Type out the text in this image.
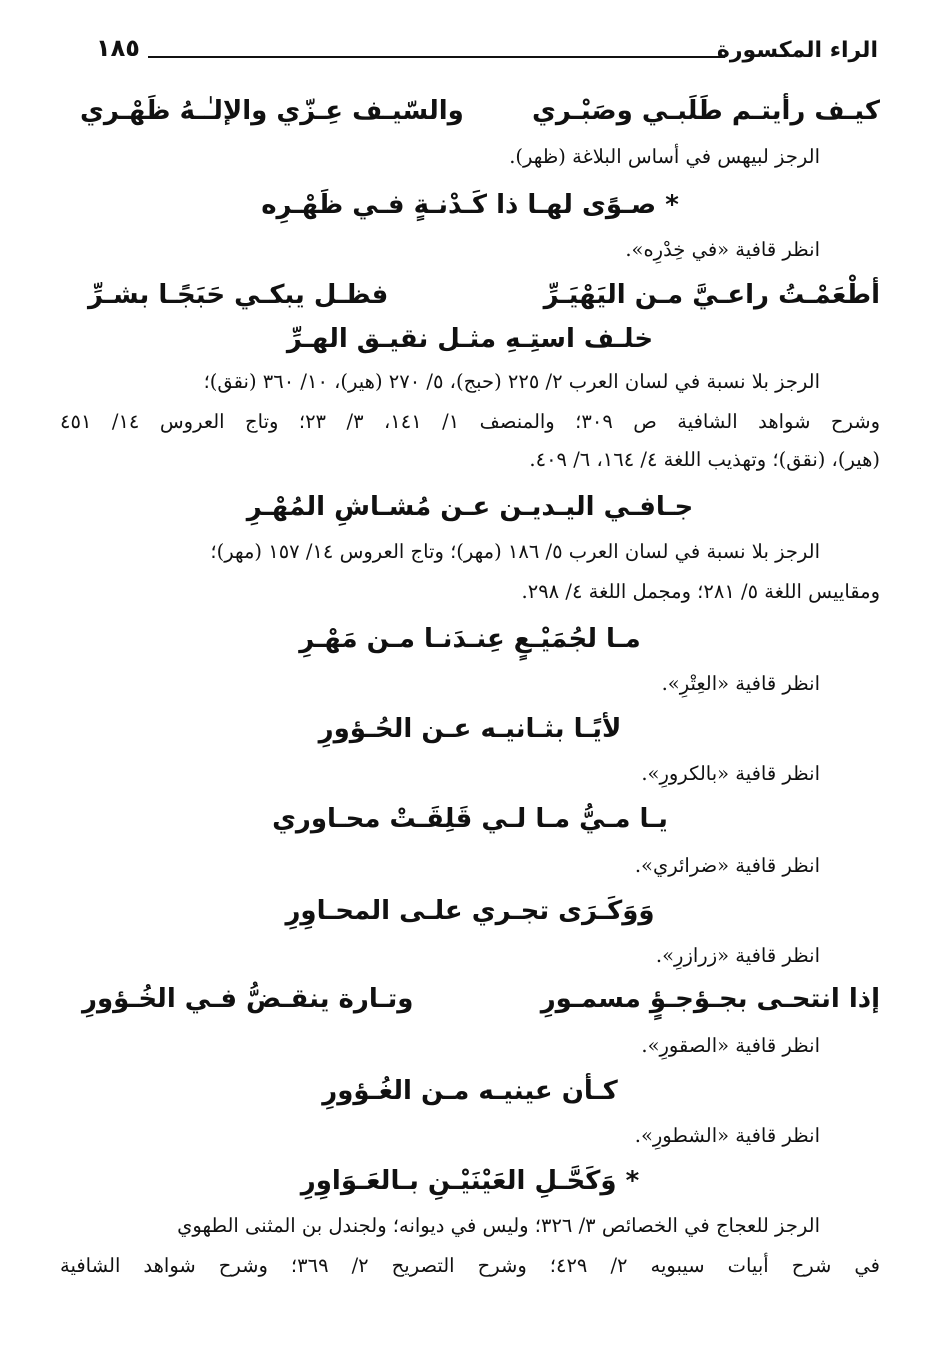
الراء المكسورة
١٨٥
كيـف رأيتـم طَلَبـي وصَبْـري
والسّيـف عِـزّي والإلـٰـهُ ظَهْـري
الرجز لبيهس في أساس البلاغة (ظهر).
* صـوًى لهـا ذا كَـدْنـةٍ فـي ظَهْـرِه
انظر قافية «في خِدْرِه».
أطْعَمْـتُ راعـيَّ مـن اليَهْيَـرِّ
فظـل يبكـي حَبَجًـا بشـرِّ
خلـف استِـهِ مثـل نقيـق الهـرِّ
الرجز بلا نسبة في لسان العرب ٢/ ٢٢٥ (حبج)، ٥/ ٢٧٠ (هير)، ١٠/ ٣٦٠ (نقق)؛
وشرح شواهد الشافية ص ٣٠٩؛ والمنصف ١/ ١٤١، ٣/ ٢٣؛ وتاج العروس ١٤/ ٤٥١
(هير)، (نقق)؛ وتهذيب اللغة ٤/ ١٦٤، ٦/ ٤٠٩.
جـافـي اليـديـن عـن مُشـاشِ المُهْـرِ
الرجز بلا نسبة في لسان العرب ٥/ ١٨٦ (مهر)؛ وتاج العروس ١٤/ ١٥٧ (مهر)؛
ومقاييس اللغة ٥/ ٢٨١؛ ومجمل اللغة ٤/ ٢٩٨.
مـا لجُمَيْـعٍ عِنـدَنـا مـن مَهْـرِ
انظر قافية «العِتْرِ».
لأيًـا بثـانيـه عـن الحُـؤورِ
انظر قافية «بالكرورِ».
يـا مـيُّ مـا لـي قَلِقَـتْ محـاوري
انظر قافية «ضرائري».
وَوَكَـرَى تجـري علـى المحـاوِرِ
انظر قافية «زرازرِ».
إذا انتحـى بجـؤجـؤٍ مسمـورِ
وتـارة ينقـضُّ فـي الخُـؤورِ
انظر قافية «الصقورِ».
كـأن عينيـه مـن الغُـؤورِ
انظر قافية «الشطورِ».
* وَكَحَّـلِ العَيْنَيْـنِ بـالعَـوَاوِرِ
الرجز للعجاج في الخصائص ٣/ ٣٢٦؛ وليس في ديوانه؛ ولجندل بن المثنى الطهوي
في شرح أبيات سيبويه ٢/ ٤٢٩؛ وشرح التصريح ٢/ ٣٦٩؛ وشرح شواهد الشافية
